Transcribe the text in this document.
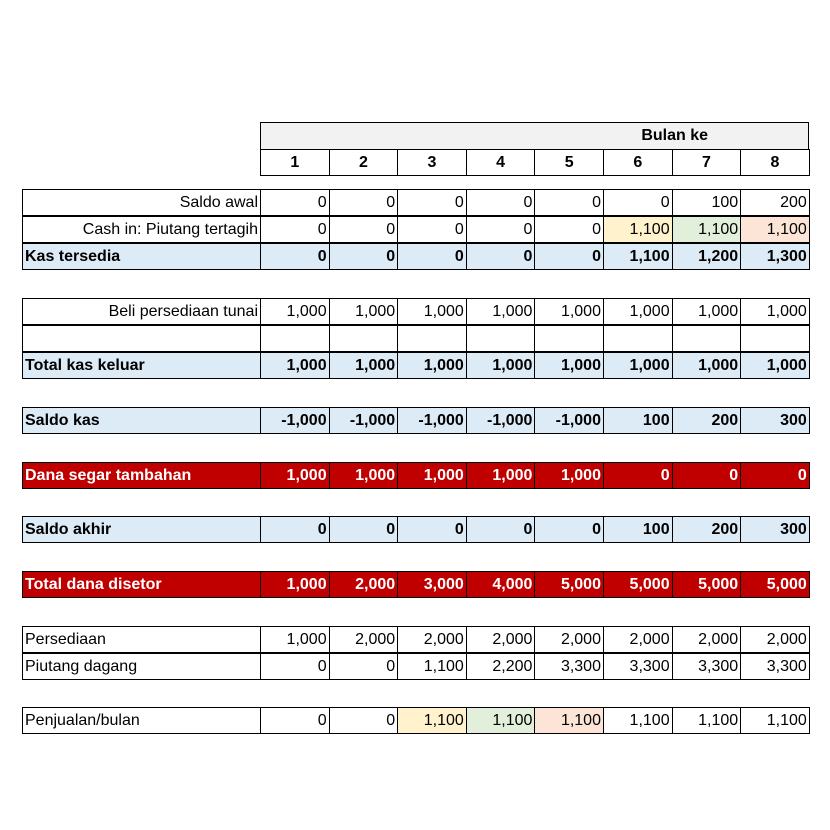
Bulan ke
1	2	3	4	5	6	7	8
Saldo awal	0	0	0	0	0	0	100	200
Cash in: Piutang tertagih	0	0	0	0	0	1,100	1,100	1,100
Kas tersedia	0	0	0	0	0	1,100	1,200	1,300
Beli persediaan tunai	1,000	1,000	1,000	1,000	1,000	1,000	1,000	1,000
Total kas keluar	1,000	1,000	1,000	1,000	1,000	1,000	1,000	1,000
Saldo kas	-1,000	-1,000	-1,000	-1,000	-1,000	100	200	300
Dana segar tambahan	1,000	1,000	1,000	1,000	1,000	0	0	0
Saldo akhir	0	0	0	0	0	100	200	300
Total dana disetor	1,000	2,000	3,000	4,000	5,000	5,000	5,000	5,000
Persediaan	1,000	2,000	2,000	2,000	2,000	2,000	2,000	2,000
Piutang dagang	0	0	1,100	2,200	3,300	3,300	3,300	3,300
Penjualan/bulan	0	0	1,100	1,100	1,100	1,100	1,100	1,100
